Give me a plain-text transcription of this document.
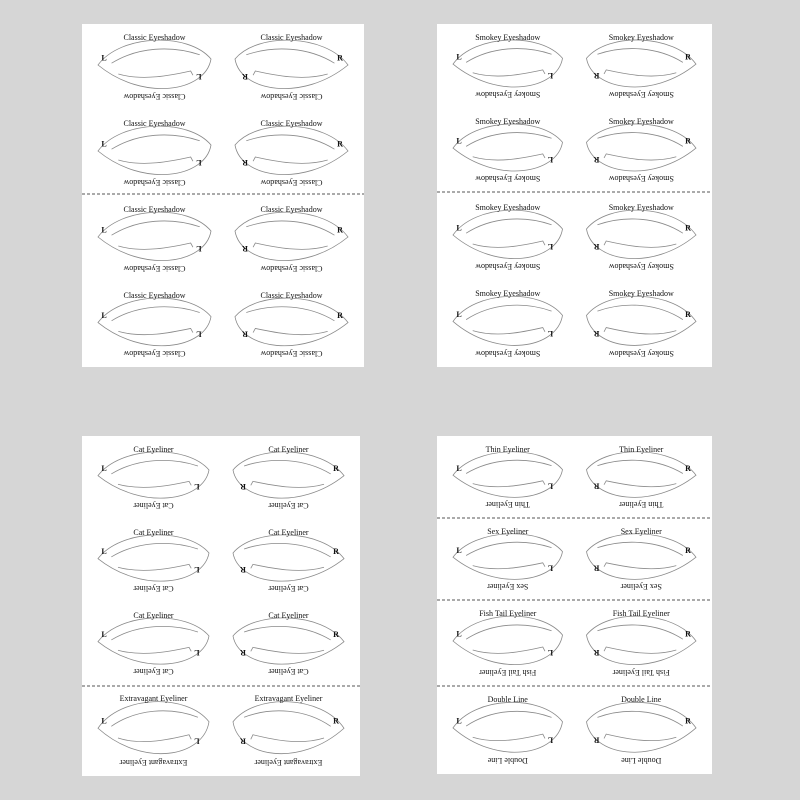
Classic Eyeshadow
Classic Eyeshadow
L
L
Classic Eyeshadow
Classic Eyeshadow
R
R
Classic Eyeshadow
Classic Eyeshadow
L
L
Classic Eyeshadow
Classic Eyeshadow
R
R
Classic Eyeshadow
Classic Eyeshadow
L
L
Classic Eyeshadow
Classic Eyeshadow
R
R
Classic Eyeshadow
Classic Eyeshadow
L
L
Classic Eyeshadow
Classic Eyeshadow
R
R
Smokey Eyeshadow
Smokey Eyeshadow
L
L
Smokey Eyeshadow
Smokey Eyeshadow
R
R
Smokey Eyeshadow
Smokey Eyeshadow
L
L
Smokey Eyeshadow
Smokey Eyeshadow
R
R
Smokey Eyeshadow
Smokey Eyeshadow
L
L
Smokey Eyeshadow
Smokey Eyeshadow
R
R
Smokey Eyeshadow
Smokey Eyeshadow
L
L
Smokey Eyeshadow
Smokey Eyeshadow
R
R
Cat Eyeliner
Cat Eyeliner
L
L
Cat Eyeliner
Cat Eyeliner
R
R
Cat Eyeliner
Cat Eyeliner
L
L
Cat Eyeliner
Cat Eyeliner
R
R
Cat Eyeliner
Cat Eyeliner
L
L
Cat Eyeliner
Cat Eyeliner
R
R
Extravagant Eyeliner
Extravagant Eyeliner
L
L
Extravagant Eyeliner
Extravagant Eyeliner
R
R
Thin Eyeliner
Thin Eyeliner
L
L
Thin Eyeliner
Thin Eyeliner
R
R
Sex Eyeliner
Sex Eyeliner
L
L
Sex Eyeliner
Sex Eyeliner
R
R
Fish Tail Eyeliner
Fish Tail Eyeliner
L
L
Fish Tail Eyeliner
Fish Tail Eyeliner
R
R
Double Line
Double Line
L
L
Double Line
Double Line
R
R
